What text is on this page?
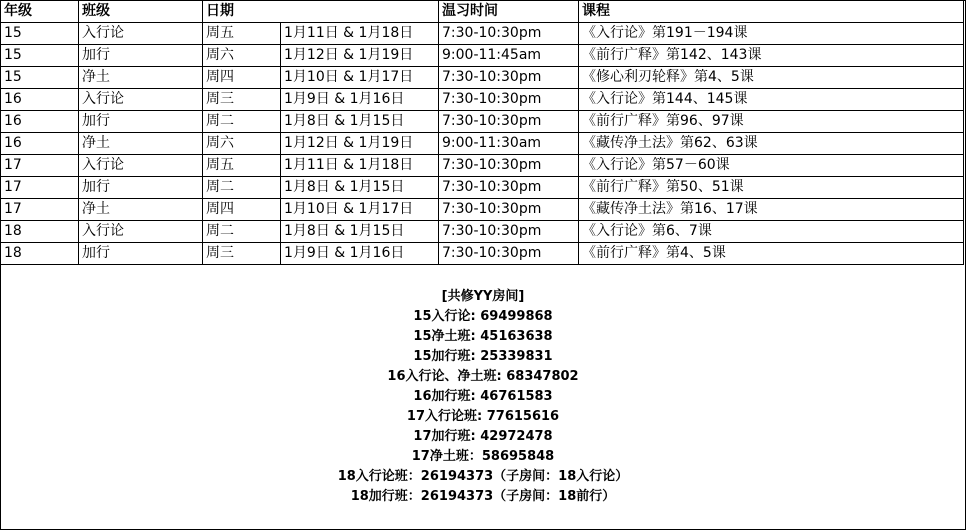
年级	班级	日期		温习时间	课程
15	入行论	周五	1月11日 & 1月18日	7:30-10:30pm	《入行论》第191－194课
15	加行	周六	1月12日 & 1月19日	9:00-11:45am	《前行广释》第142、143课
15	净土	周四	1月10日 & 1月17日	7:30-10:30pm	《修心利刃轮释》第4、5课
16	入行论	周三	1月9日 & 1月16日	7:30-10:30pm	《入行论》第144、145课
16	加行	周二	1月8日 & 1月15日	7:30-10:30pm	《前行广释》第96、97课
16	净土	周六	1月12日 & 1月19日	9:00-11:30am	《藏传净土法》第62、63课
17	入行论	周五	1月11日 & 1月18日	7:30-10:30pm	《入行论》第57－60课
17	加行	周二	1月8日 & 1月15日	7:30-10:30pm	《前行广释》第50、51课
17	净土	周四	1月10日 & 1月17日	7:30-10:30pm	《藏传净土法》第16、17课
18	入行论	周二	1月8日 & 1月15日	7:30-10:30pm	《入行论》第6、7课
18	加行	周三	1月9日 & 1月16日	7:30-10:30pm	《前行广释》第4、5课
[共修YY房间]
15入行论: 69499868
15净土班: 45163638
15加行班: 25339831
16入行论、净土班: 68347802
16加行班: 46761583
17入行论班: 77615616
17加行班: 42972478
17净土班：58695848
18入行论班：26194373（子房间：18入行论）
18加行班：26194373（子房间：18前行）
